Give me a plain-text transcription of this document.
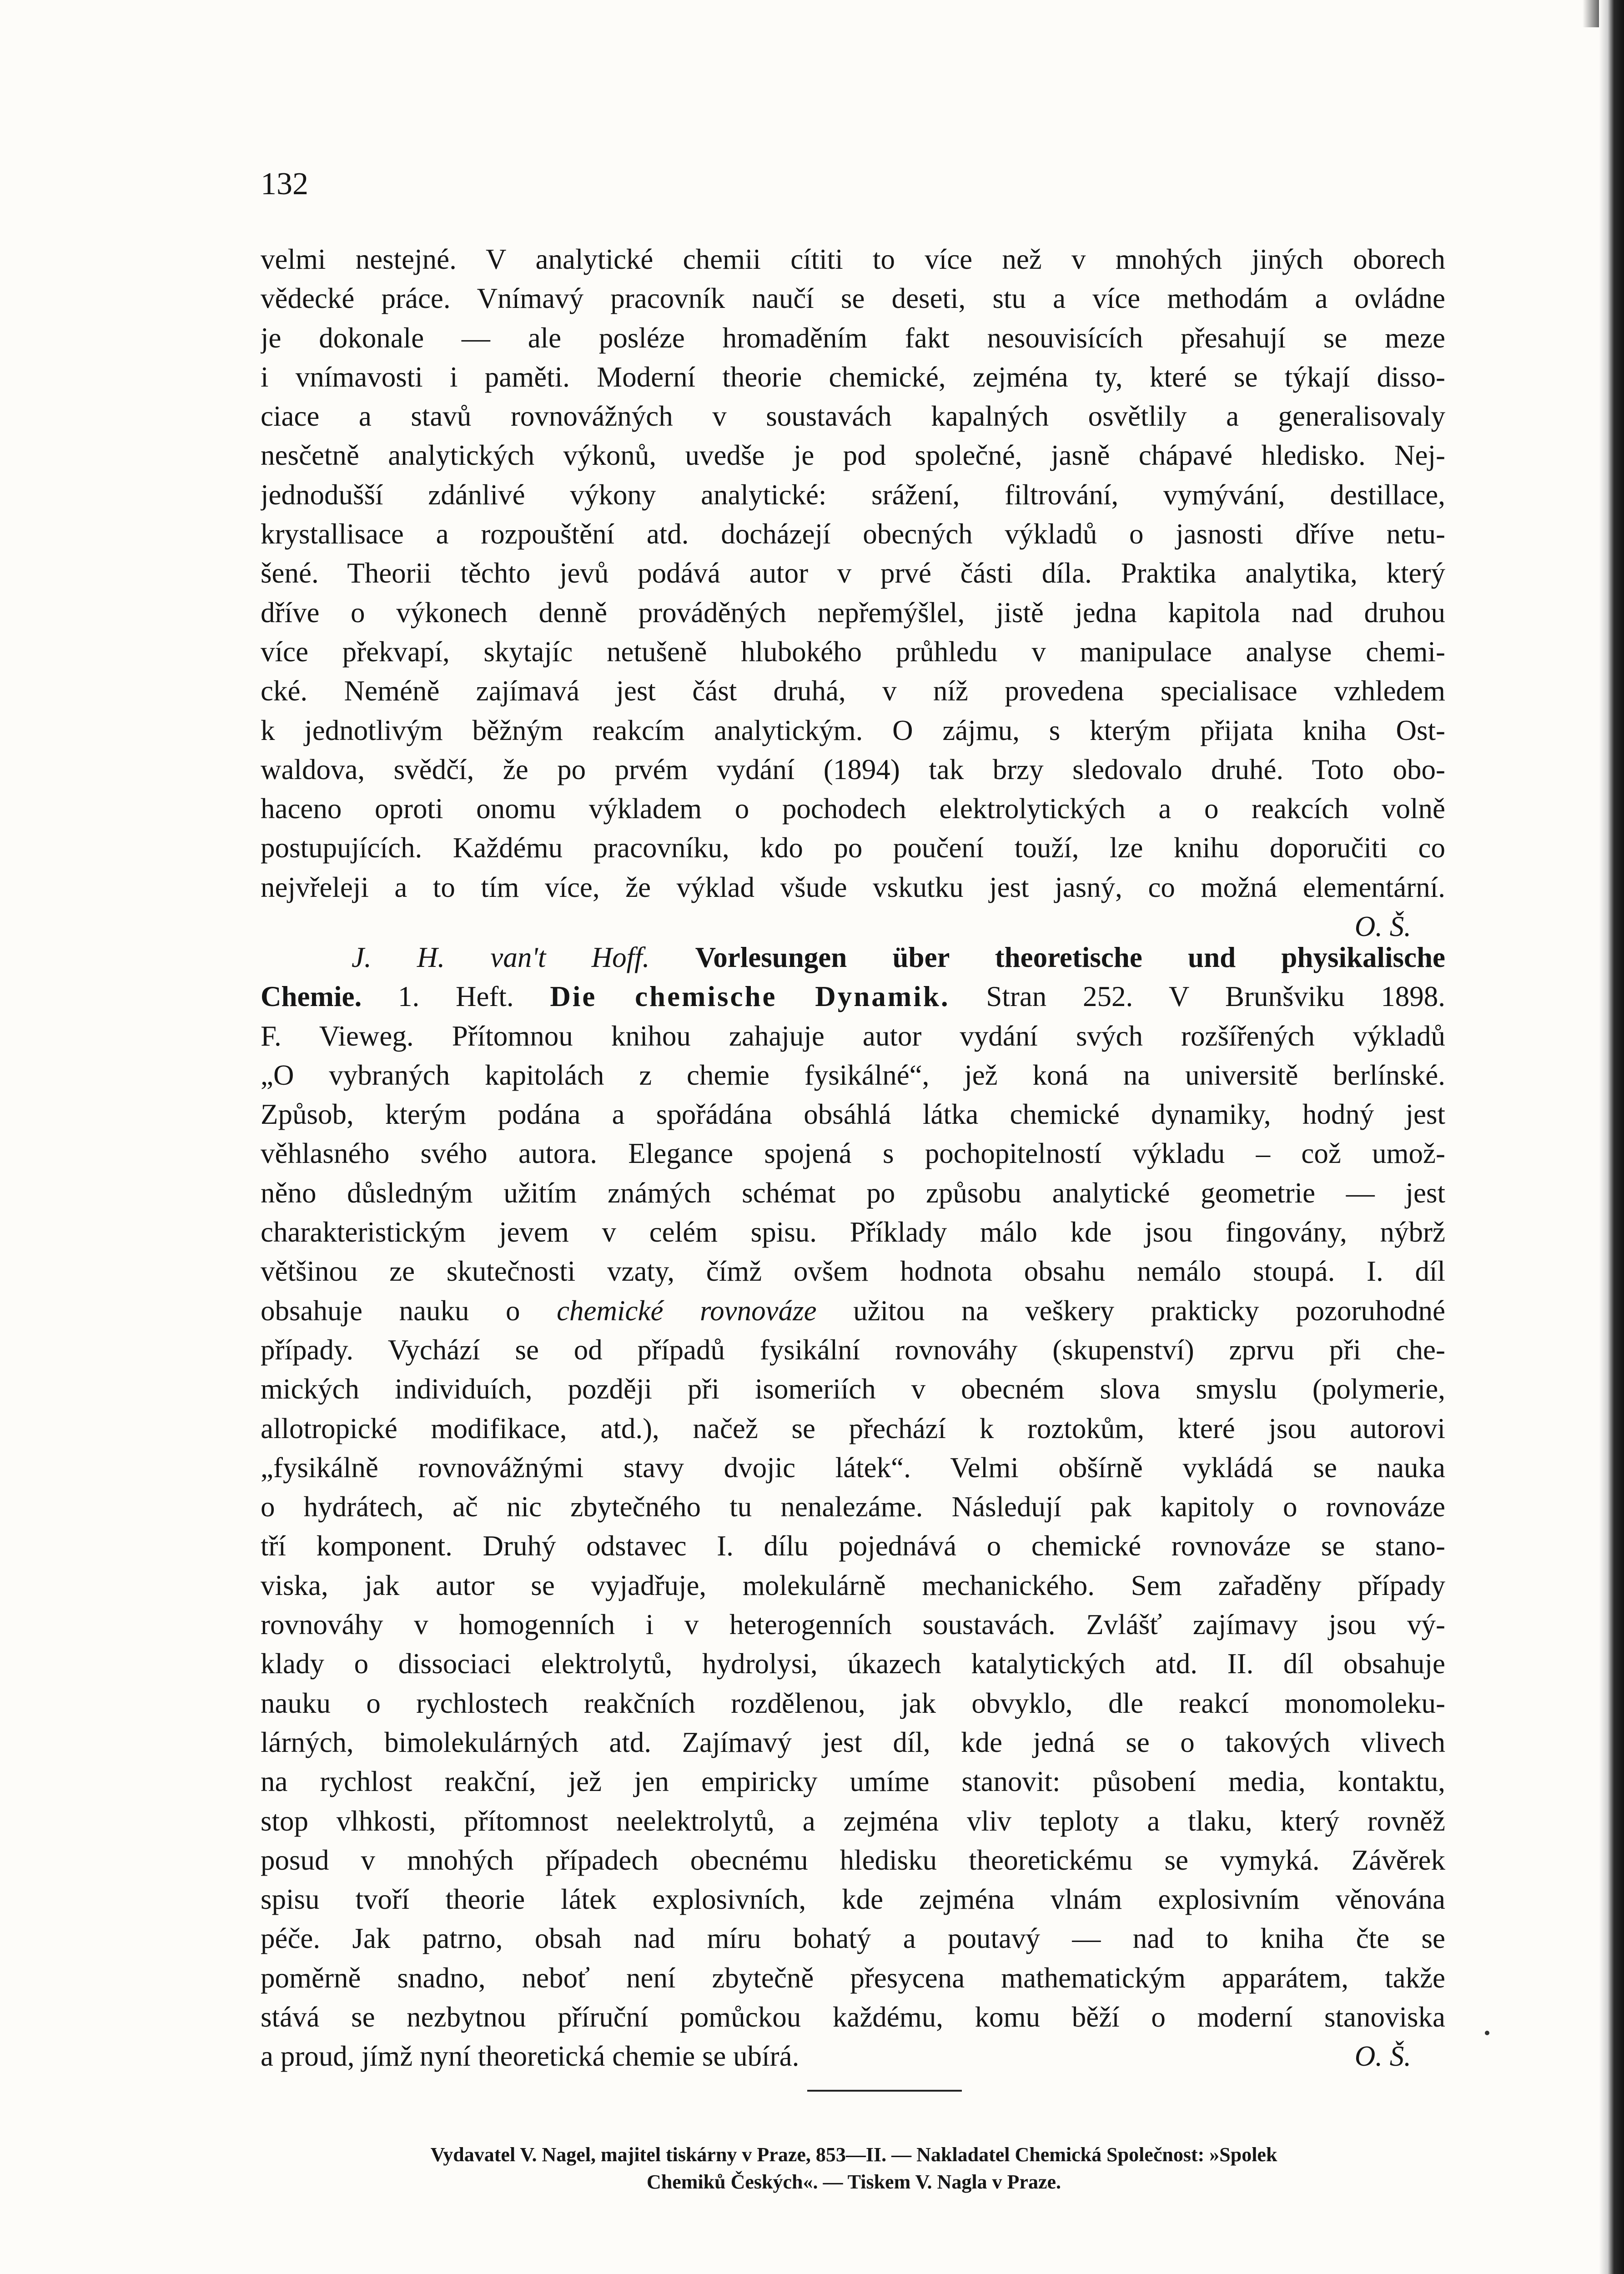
132
velmi nestejné. V analytické chemii cítiti to více než v mnohých jiných oborech
vědecké práce. Vnímavý pracovník naučí se deseti, stu a více methodám a ovládne
je dokonale — ale posléze hromaděním fakt nesouvisících přesahují se meze
i vnímavosti i paměti. Moderní theorie chemické, zejména ty, které se týkají disso-
ciace a stavů rovnovážných v soustavách kapalných osvětlily a generalisovaly
nesčetně analytických výkonů, uvedše je pod společné, jasně chápavé hledisko. Nej-
jednodušší zdánlivé výkony analytické: srážení, filtrování, vymývání, destillace,
krystallisace a rozpouštění atd. docházejí obecných výkladů o jasnosti dříve netu-
šené. Theorii těchto jevů podává autor v prvé části díla. Praktika analytika, který
dříve o výkonech denně prováděných nepřemýšlel, jistě jedna kapitola nad druhou
více překvapí, skytajíc netušeně hlubokého průhledu v manipulace analyse chemi-
cké. Neméně zajímavá jest část druhá, v níž provedena specialisace vzhledem
k jednotlivým běžným reakcím analytickým. O zájmu, s kterým přijata kniha Ost-
waldova, svědčí, že po prvém vydání (1894) tak brzy sledovalo druhé. Toto obo-
haceno oproti onomu výkladem o pochodech elektrolytických a o reakcích volně
postupujících. Každému pracovníku, kdo po poučení touží, lze knihu doporučiti co
nejvřeleji a to tím více, že výklad všude vskutku jest jasný, co možná elementární.
O. Š.
J. H. van't Hoff. Vorlesungen über theoretische und physikalische
Chemie. 1. Heft. Die chemische Dynamik. Stran 252. V Brunšviku 1898.
F. Vieweg. Přítomnou knihou zahajuje autor vydání svých rozšířených výkladů
„O vybraných kapitolách z chemie fysikálné“, jež koná na universitě berlínské.
Způsob, kterým podána a spořádána obsáhlá látka chemické dynamiky, hodný jest
věhlasného svého autora. Elegance spojená s pochopitelností výkladu – což umož-
něno důsledným užitím známých schémat po způsobu analytické geometrie — jest
charakteristickým jevem v celém spisu. Příklady málo kde jsou fingovány, nýbrž
většinou ze skutečnosti vzaty, čímž ovšem hodnota obsahu nemálo stoupá. I. díl
obsahuje nauku o chemické rovnováze užitou na veškery prakticky pozoruhodné
případy. Vychází se od případů fysikální rovnováhy (skupenství) zprvu při che-
mických individuích, později při isomeriích v obecném slova smyslu (polymerie,
allotropické modifikace, atd.), načež se přechází k roztokům, které jsou autorovi
„fysikálně rovnovážnými stavy dvojic látek“. Velmi obšírně vykládá se nauka
o hydrátech, ač nic zbytečného tu nenalezáme. Následují pak kapitoly o rovnováze
tří komponent. Druhý odstavec I. dílu pojednává o chemické rovnováze se stano-
viska, jak autor se vyjadřuje, molekulárně mechanického. Sem zařaděny případy
rovnováhy v homogenních i v heterogenních soustavách. Zvlášť zajímavy jsou vý-
klady o dissociaci elektrolytů, hydrolysi, úkazech katalytických atd. II. díl obsahuje
nauku o rychlostech reakčních rozdělenou, jak obvyklo, dle reakcí monomoleku-
lárných, bimolekulárných atd. Zajímavý jest díl, kde jedná se o takových vlivech
na rychlost reakční, jež jen empiricky umíme stanovit: působení media, kontaktu,
stop vlhkosti, přítomnost neelektrolytů, a zejména vliv teploty a tlaku, který rovněž
posud v mnohých případech obecnému hledisku theoretickému se vymyká. Závěrek
spisu tvoří theorie látek explosivních, kde zejména vlnám explosivním věnována
péče. Jak patrno, obsah nad míru bohatý a poutavý — nad to kniha čte se
poměrně snadno, neboť není zbytečně přesycena mathematickým apparátem, takže
stává se nezbytnou příruční pomůckou každému, komu běží o moderní stanoviska
a proud, jímž nyní theoretická chemie se ubírá.	O. Š.
Vydavatel V. Nagel, majitel tiskárny v Praze, 853—II. — Nakladatel Chemická Společnost: »Spolek
Chemiků Českých«. — Tiskem V. Nagla v Praze.
